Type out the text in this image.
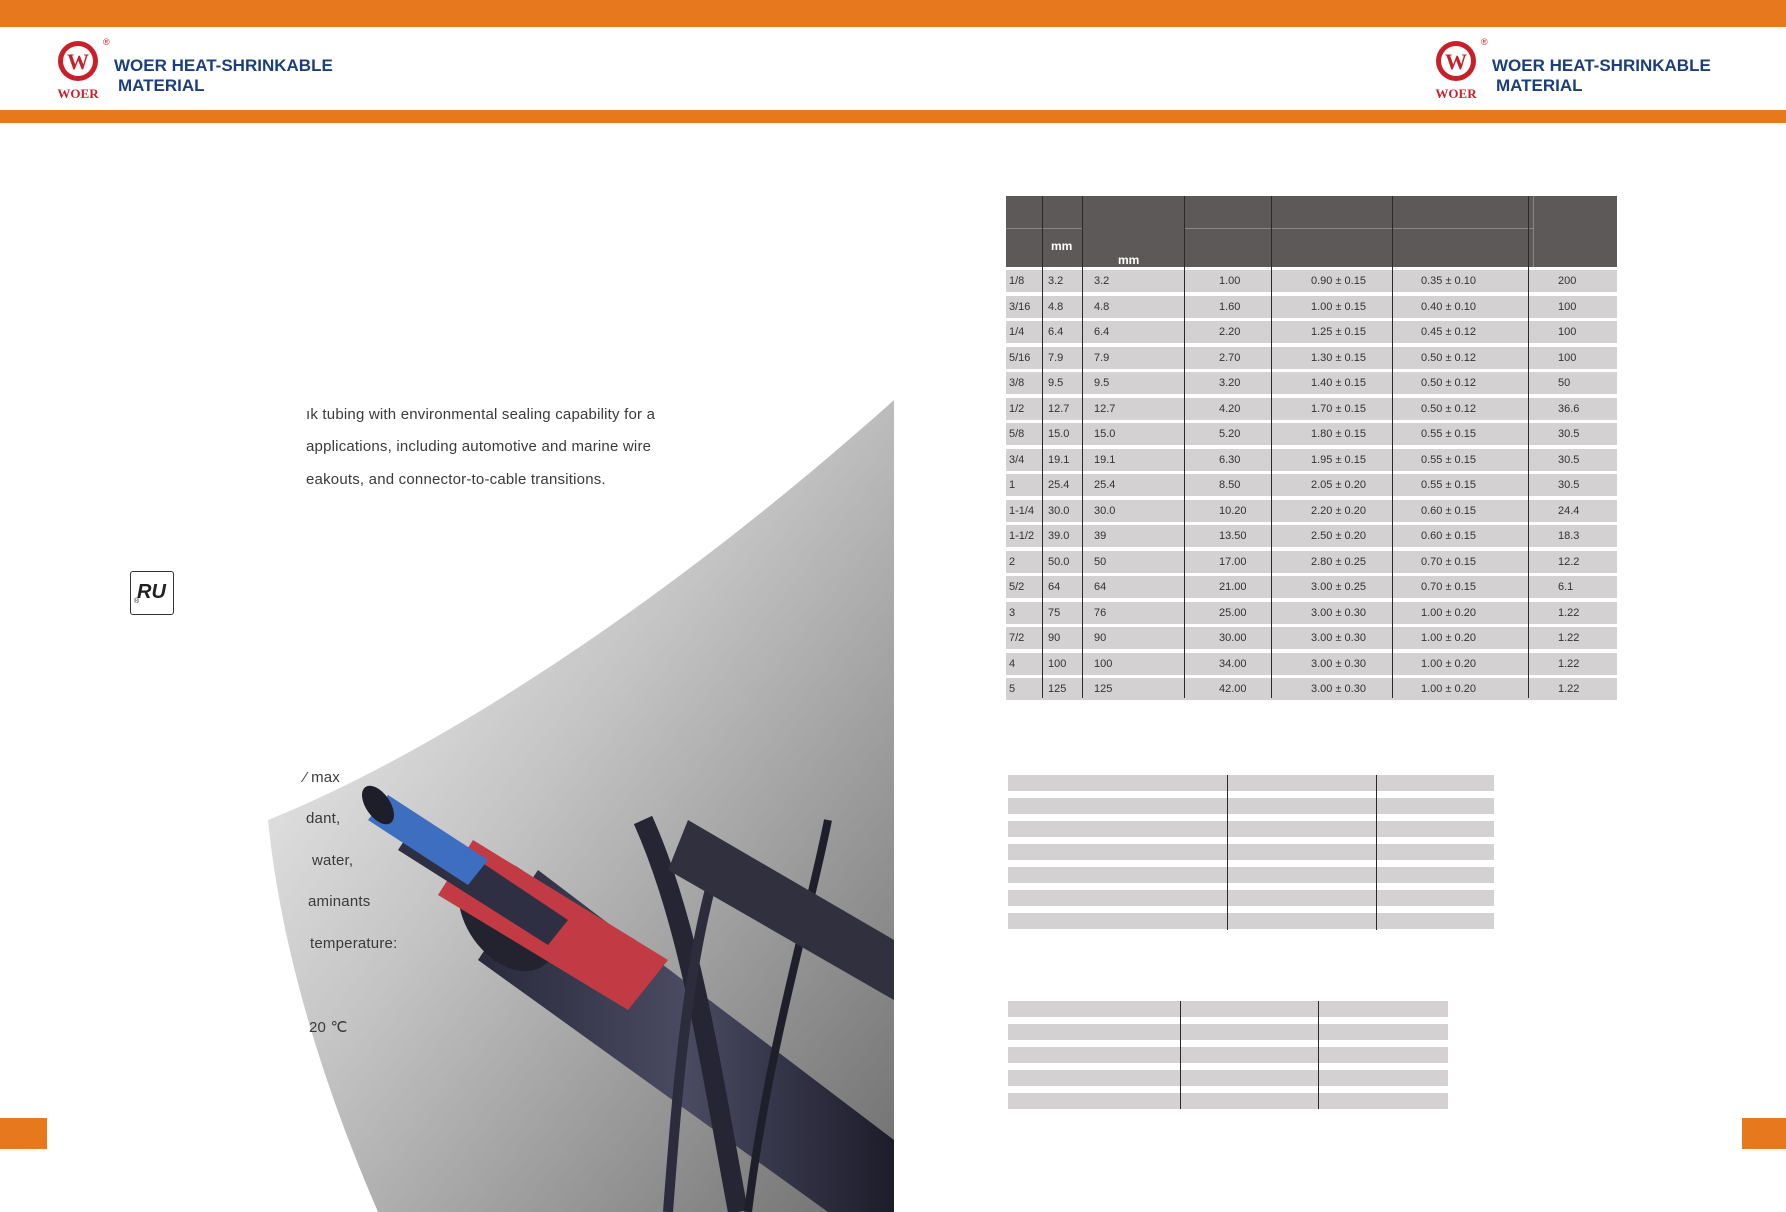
W
WOER
®
WOER HEAT-SHRINKABLE
MATERIAL
W
WOER
®
WOER HEAT-SHRINKABLE
MATERIAL
ık tubing with environmental sealing capability for a
applications, including automotive and marine wire
eakouts, and connector-to-cable transitions.
RU
®
⁄ max
dant,
water,
aminants
temperature:
20 ℃
mm
mm
1/8 3.2	3.2	1.00	0.90 ± 0.15	0.35 ± 0.10	200
3/16 4.8	4.8	1.60	1.00 ± 0.15	0.40 ± 0.10	100
1/4 6.4	6.4	2.20	1.25 ± 0.15	0.45 ± 0.12	100
5/16 7.9	7.9	2.70	1.30 ± 0.15	0.50 ± 0.12	100
3/8 9.5	9.5	3.20	1.40 ± 0.15	0.50 ± 0.12	50
1/2 12.7 12.7	4.20	1.70 ± 0.15	0.50 ± 0.12	36.6
5/8 15.0 15.0	5.20	1.80 ± 0.15	0.55 ± 0.15	30.5
3/4 19.1 19.1	6.30	1.95 ± 0.15	0.55 ± 0.15	30.5
1	25.4 25.4	8.50	2.05 ± 0.20	0.55 ± 0.15	30.5
1-1/4 30.0 30.0	10.20	2.20 ± 0.20	0.60 ± 0.15	24.4
1-1/2 39.0 39	13.50	2.50 ± 0.20	0.60 ± 0.15	18.3
2	50.0 50	17.00	2.80 ± 0.25	0.70 ± 0.15	12.2
5/2 64	64	21.00	3.00 ± 0.25	0.70 ± 0.15	6.1
3	75	76	25.00	3.00 ± 0.30	1.00 ± 0.20	1.22
7/2 90	90	30.00	3.00 ± 0.30	1.00 ± 0.20	1.22
4	100	100	34.00	3.00 ± 0.30	1.00 ± 0.20	1.22
5	125	125	42.00	3.00 ± 0.30	1.00 ± 0.20	1.22
